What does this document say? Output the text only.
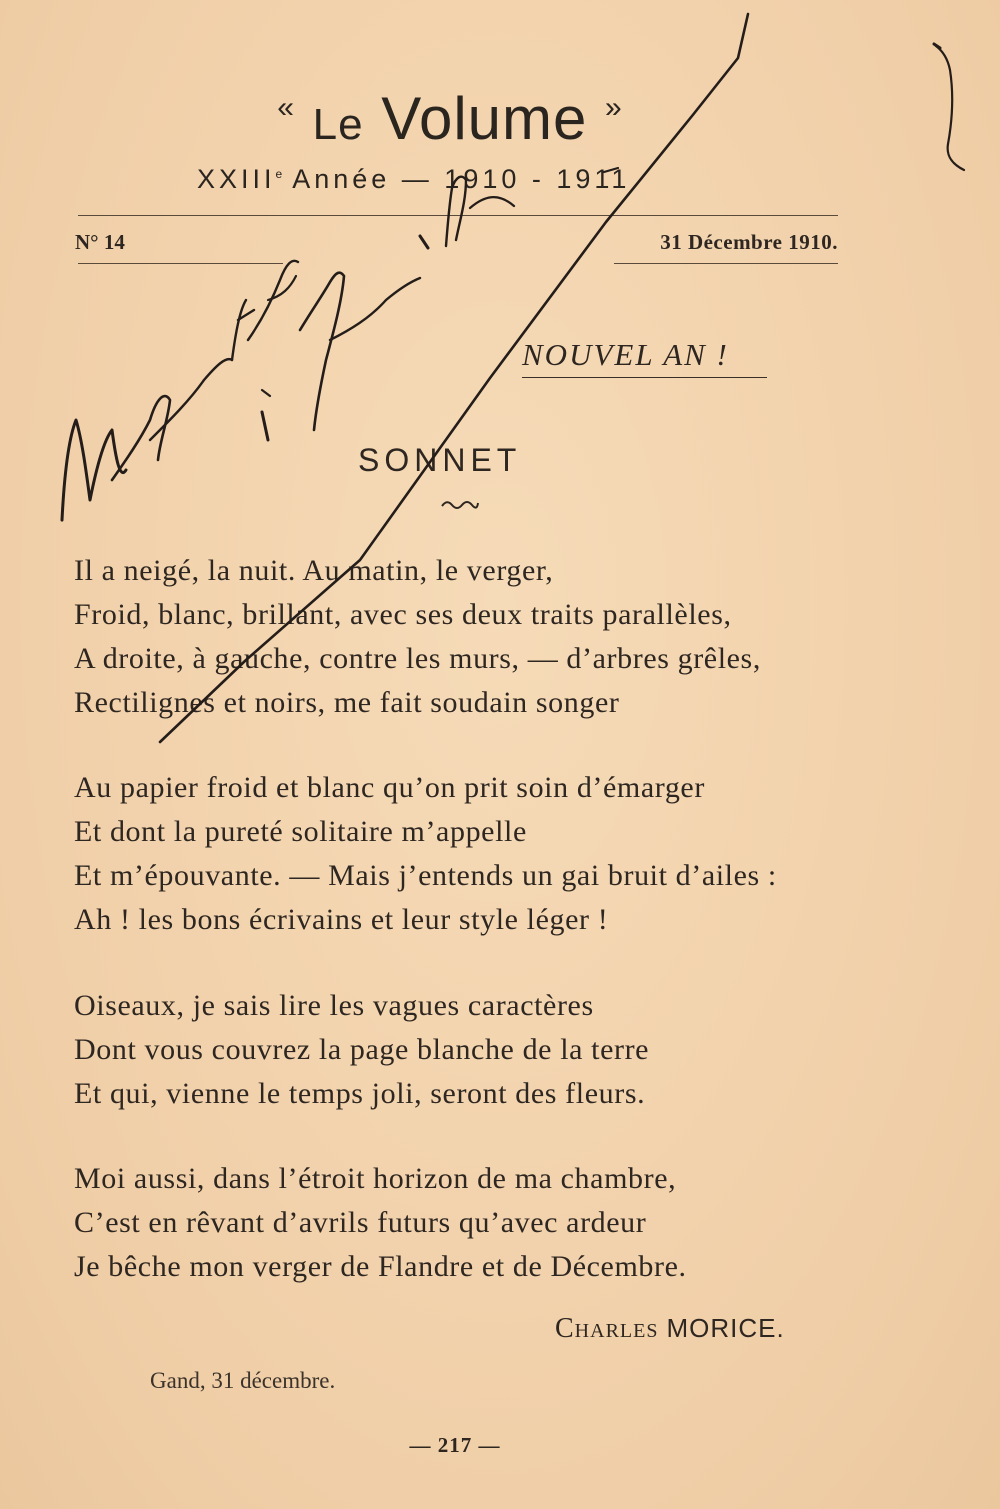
« Le Volume »
XXIIIe Année — 1910 - 1911
N° 14	31 Décembre 1910.
NOUVEL AN !
SONNET
Il a neigé, la nuit. Au matin, le verger,
Froid, blanc, brillant, avec ses deux traits parallèles,
A droite, à gauche, contre les murs, — d’arbres grêles,
Rectilignes et noirs, me fait soudain songer
Au papier froid et blanc qu’on prit soin d’émarger
Et dont la pureté solitaire m’appelle
Et m’épouvante. — Mais j’entends un gai bruit d’ailes :
Ah ! les bons écrivains et leur style léger !
Oiseaux, je sais lire les vagues caractères
Dont vous couvrez la page blanche de la terre
Et qui, vienne le temps joli, seront des fleurs.
Moi aussi, dans l’étroit horizon de ma chambre,
C’est en rêvant d’avrils futurs qu’avec ardeur
Je bêche mon verger de Flandre et de Décembre.
Charles MORICE.
Gand, 31 décembre.
— 217 —
